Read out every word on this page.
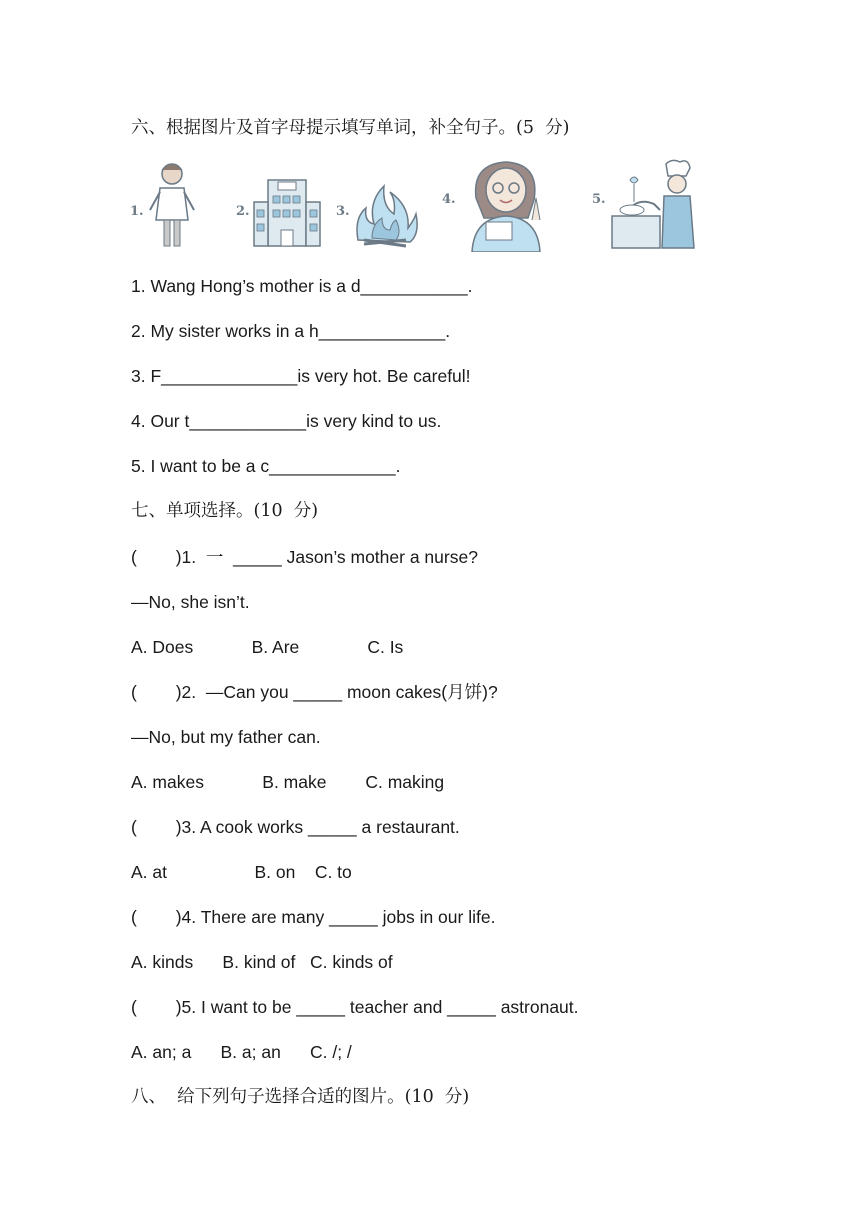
六、根据图片及首字母提示填写单词，补全句子。(5  分)
1.	2.	3.
4.	5.
1. Wang Hong’s mother is a d___________.
2. My sister works in a h_____________.
3. F______________is very hot. Be careful!
4. Our t____________is very kind to us.
5. I want to be a c_____________.
七、单项选择。(10  分)
(        )1.  一  _____ Jason’s mother a nurse?
—No, she isn’t.
A. Does            B. Are              C. Is
(        )2.  —Can you _____ moon cakes(月饼)?
—No, but my father can.
A. makes            B. make        C. making
(        )3. A cook works _____ a restaurant.
A. at                  B. on    C. to
(        )4. There are many _____ jobs in our life.
A. kinds      B. kind of   C. kinds of
(        )5. I want to be _____ teacher and _____ astronaut.
A. an; a      B. a; an      C. /; /
八、  给下列句子选择合适的图片。(10  分)
